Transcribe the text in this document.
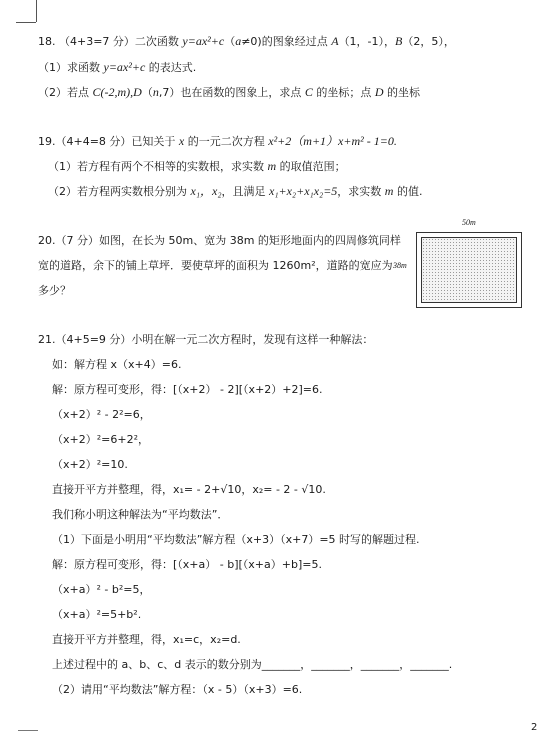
18. （4+3=7 分）二次函数 y=ax²+c（a≠0)的图象经过点 A（1，-1），B（2，5），
（1）求函数 y=ax²+c 的表达式.
（2）若点 C(-2,m),D（n,7）也在函数的图象上，求点 C 的坐标；点 D 的坐标
19.（4+4=8 分）已知关于 x 的一元二次方程 x²+2（m+1）x+m² - 1=0.
（1）若方程有两个不相等的实数根，求实数 m 的取值范围；
（2）若方程两实数根分别为 x₁，x₂，且满足 x₁+x₂+x₁x₂=5，求实数 m 的值.
20.（7 分）如图，在长为 50m、宽为 38m 的矩形地面内的四周修筑同样
宽的道路，余下的铺上草坪．要使草坪的面积为 1260m²，道路的宽应为
多少？
50m
38m
21.（4+5=9 分）小明在解一元二次方程时，发现有这样一种解法：
如：解方程 x（x+4）=6.
解：原方程可变形，得：[（x+2） - 2][（x+2）+2]=6.
（x+2）² - 2²=6，
（x+2）²=6+2²，
（x+2）²=10.
直接开平方并整理，得，x₁= - 2+√10，x₂= - 2 - √10.
我们称小明这种解法为“平均数法”．
（1）下面是小明用“平均数法”解方程（x+3）（x+7）=5 时写的解题过程.
解：原方程可变形，得：[（x+a） - b][（x+a）+b]=5.
（x+a）² - b²=5，
（x+a）²=5+b².
直接开平方并整理，得，x₁=c，x₂=d.
上述过程中的 a、b、c、d 表示的数分别为_______，_______，_______，_______.
（2）请用“平均数法”解方程：（x - 5）（x+3）=6.
2
